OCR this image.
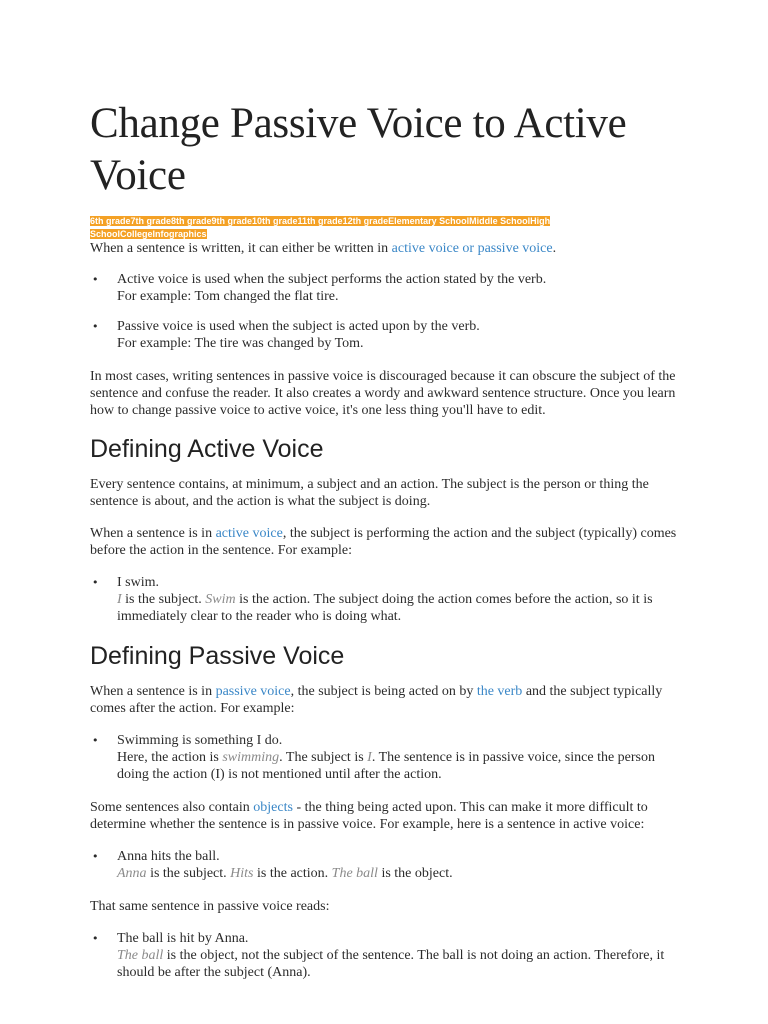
Change Passive Voice to Active Voice
6th grade7th grade8th grade9th grade10th grade11th grade12th gradeElementary SchoolMiddle SchoolHigh SchoolCollegeInfographics

When a sentence is written, it can either be written in active voice or passive voice.

• Active voice is used when the subject performs the action stated by the verb.
For example: Tom changed the flat tire.
• Passive voice is used when the subject is acted upon by the verb.
For example: The tire was changed by Tom.

In most cases, writing sentences in passive voice is discouraged because it can obscure the subject of the sentence and confuse the reader. It also creates a wordy and awkward sentence structure. Once you learn how to change passive voice to active voice, it's one less thing you'll have to edit.

Defining Active Voice

Every sentence contains, at minimum, a subject and an action. The subject is the person or thing the sentence is about, and the action is what the subject is doing.

When a sentence is in active voice, the subject is performing the action and the subject (typically) comes before the action in the sentence. For example:

• I swim.
I is the subject. Swim is the action. The subject doing the action comes before the action, so it is immediately clear to the reader who is doing what.
Defining Passive Voice

When a sentence is in passive voice, the subject is being acted on by the verb and the subject typically comes after the action. For example:

• Swimming is something I do.
Here, the action is swimming. The subject is I. The sentence is in passive voice, since the person doing the action (I) is not mentioned until after the action.

Some sentences also contain objects - the thing being acted upon. This can make it more difficult to determine whether the sentence is in passive voice. For example, here is a sentence in active voice:

• Anna hits the ball.
Anna is the subject. Hits is the action. The ball is the object.

That same sentence in passive voice reads:

• The ball is hit by Anna.
The ball is the object, not the subject of the sentence. The ball is not doing an action. Therefore, it should be after the subject (Anna).
